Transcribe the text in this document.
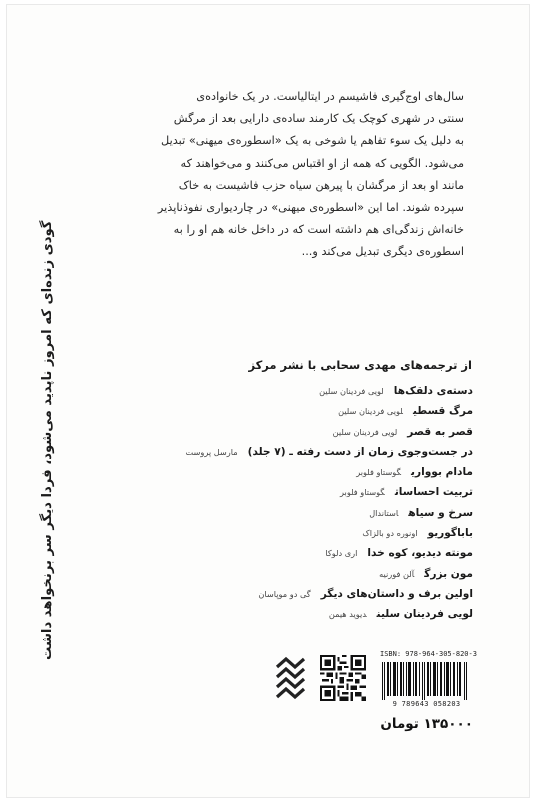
سال‌های اوج‌گیری فاشیسم در ایتالیاست. در یک خانواده‌ی
سنتی در شهری کوچک یک کارمند ساده‌ی دارایی بعد از مرگش
به دلیل یک سوء تفاهم یا شوخی به یک «اسطوره‌ی میهنی» تبدیل
می‌شود. الگویی که همه از او اقتباس می‌کنند و می‌خواهند که
مانند او بعد از مرگشان با پیرهن سیاه حزب فاشیست به خاک
سپرده شوند. اما این «اسطوره‌ی میهنی» در چاردیواری نفوذناپذیر
خانه‌اش زندگی‌ای هم داشته است که در داخل خانه هم او را به
اسطوره‌ی دیگری تبدیل می‌کند و...
گودی زنده‌ای که امروز ناپدید می‌شود، فردا دیگر سر برنخواهد داشت	از ترجمه‌های مهدی سحابی با نشر مرکز
دسته‌ی دلقک‌هالویی فردینان سلین
مرگ قسطیلویی فردینان سلین
قصر به قصرلویی فردینان سلین
در جست‌وجوی زمان از دست رفته ـ (۷ جلد)مارسل پروست
مادام بوواریگوستاو فلوبر
تربیت احساساتگوستاو فلوبر
سرخ و سیاهاستاندال
باباگوریواونوره دو بالزاک
مونته دیدیو، کوه خدااری دلوکا
مون بزرگآلن فورنیه
اولین برف و داستان‌های دیگرگی دو موپاسان
لویی فردینان سلیندیوید هیمن
ISBN: 978-964-305-820-3
9 789643 058203
۱۳۵۰۰۰ تومان
